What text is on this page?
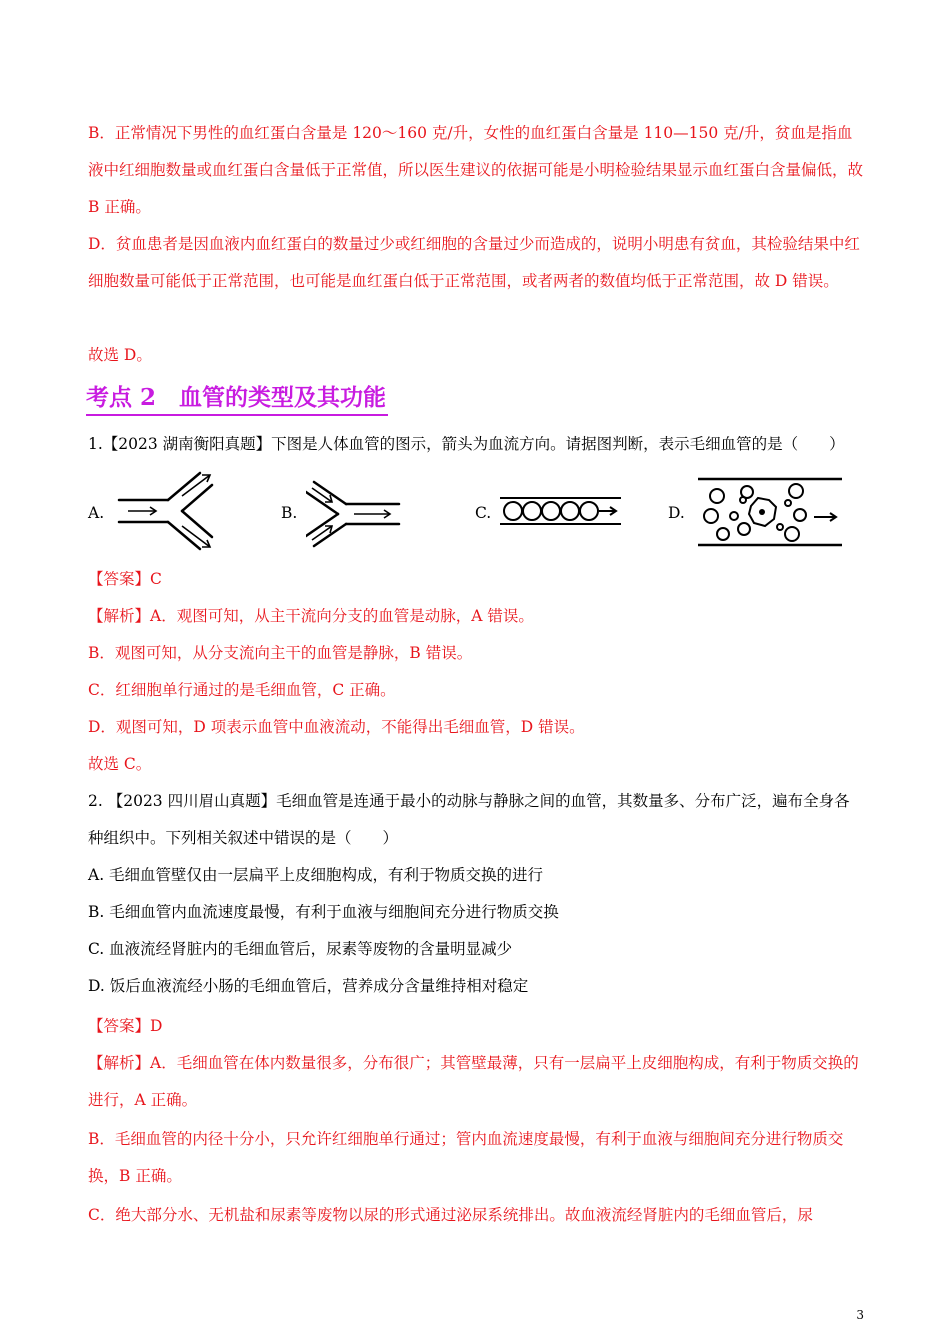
B．正常情况下男性的血红蛋白含量是 120～160 克/升，女性的血红蛋白含量是 110—150 克/升，贫血是指血液中红细胞数量或血红蛋白含量低于正常值，所以医生建议的依据可能是小明检验结果显示血红蛋白含量偏低，故 B 正确。
D．贫血患者是因血液内血红蛋白的数量过少或红细胞的含量过少而造成的，说明小明患有贫血，其检验结果中红细胞数量可能低于正常范围，也可能是血红蛋白低于正常范围，或者两者的数值均低于正常范围，故 D 错误。
故选 D。
考点 2　血管的类型及其功能
1.【2023 湖南衡阳真题】下图是人体血管的图示，箭头为血流方向。请据图判断，表示毛细血管的是（　　）
A.	B.	C.	D.
【答案】C
【解析】A．观图可知，从主干流向分支的血管是动脉，A 错误。
B．观图可知，从分支流向主干的血管是静脉，B 错误。
C．红细胞单行通过的是毛细血管，C 正确。
D．观图可知，D 项表示血管中血液流动，不能得出毛细血管，D 错误。
故选 C。
2. 【2023 四川眉山真题】毛细血管是连通于最小的动脉与静脉之间的血管，其数量多、分布广泛，遍布全身各种组织中。下列相关叙述中错误的是（　　）
A. 毛细血管壁仅由一层扁平上皮细胞构成，有利于物质交换的进行
B. 毛细血管内血流速度最慢，有利于血液与细胞间充分进行物质交换
C. 血液流经肾脏内的毛细血管后，尿素等废物的含量明显减少
D. 饭后血液流经小肠的毛细血管后，营养成分含量维持相对稳定
【答案】D
【解析】A．毛细血管在体内数量很多，分布很广；其管壁最薄，只有一层扁平上皮细胞构成，有利于物质交换的进行，A 正确。
B．毛细血管的内径十分小，只允许红细胞单行通过；管内血流速度最慢，有利于血液与细胞间充分进行物质交换，B 正确。
C．绝大部分水、无机盐和尿素等废物以尿的形式通过泌尿系统排出。故血液流经肾脏内的毛细血管后，尿
3
